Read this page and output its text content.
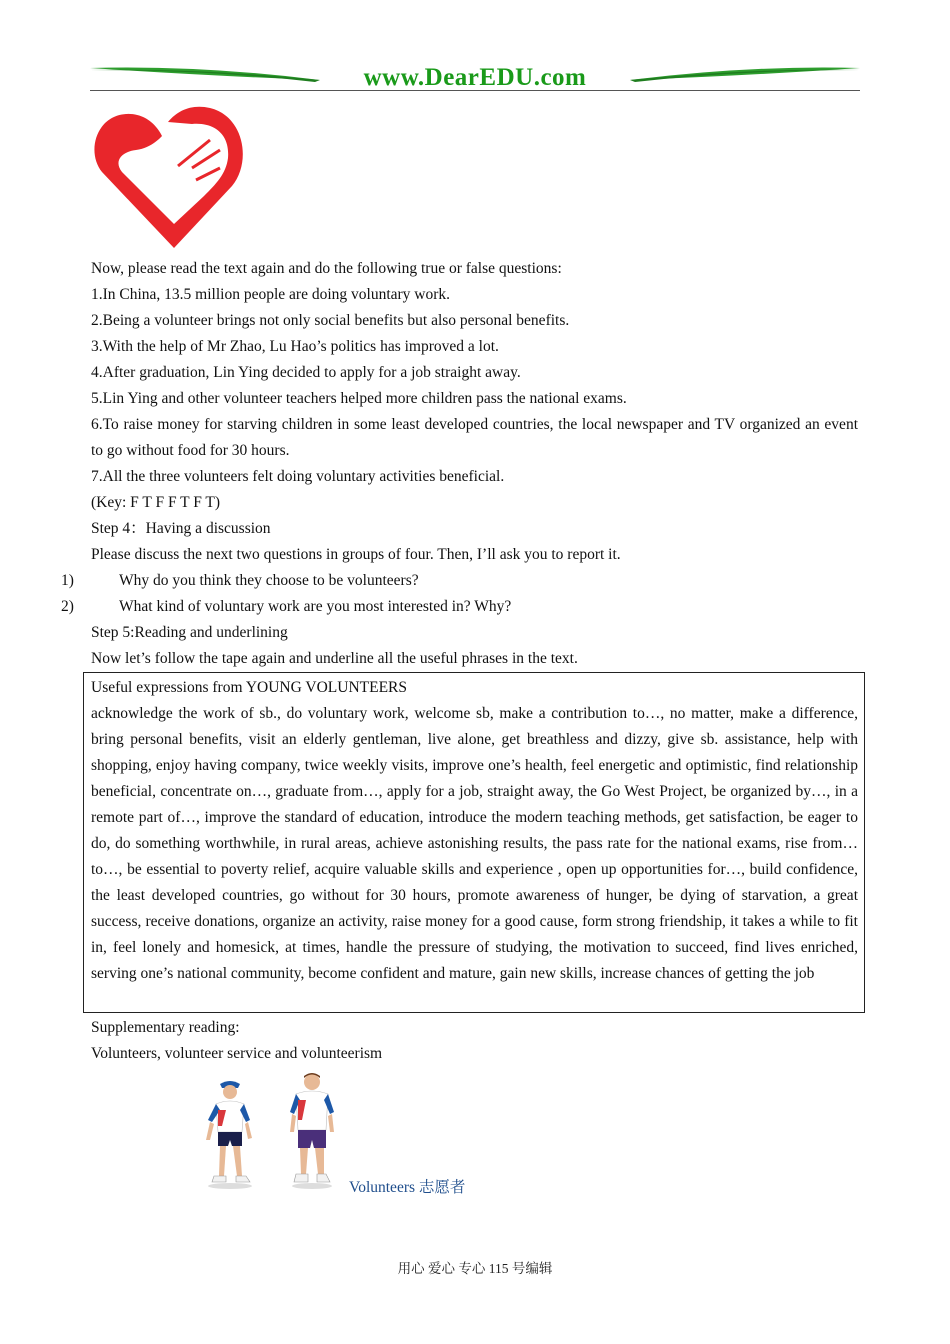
www.DearEDU.com
Now, please read the text again and do the following true or false questions:
1.In China, 13.5 million people are doing voluntary work.
2.Being a volunteer brings not only social benefits but also personal benefits.
3.With the help of Mr Zhao, Lu Hao’s politics has improved a lot.
4.After graduation, Lin Ying decided to apply for a job straight away.
5.Lin Ying and other volunteer teachers helped more children pass the national exams.
6.To raise money for starving children in some least developed countries, the local newspaper and TV organized an event to go without food for 30 hours.
7.All the three volunteers felt doing voluntary activities beneficial.
(Key: F T F F T F T)
Step 4：Having a discussion
Please discuss the next two questions in groups of four. Then, I’ll ask you to report it.
1)	Why do you think they choose to be volunteers?
2)	What kind of voluntary work are you most interested in? Why?
Step 5:Reading and underlining
Now let’s follow the tape again and underline all the useful phrases in the text.
Useful expressions from YOUNG VOLUNTEERS
acknowledge the work of sb., do voluntary work, welcome sb, make a contribution to…, no matter, make a difference, bring personal benefits, visit an elderly gentleman, live alone, get breathless and dizzy, give sb. assistance, help with shopping, enjoy having company, twice weekly visits, improve one’s health, feel energetic and optimistic, find relationship beneficial, concentrate on…, graduate from…, apply for a job, straight away, the Go West Project, be organized by…, in a remote part of…, improve the standard of education, introduce the modern teaching methods, get satisfaction, be eager to do, do something worthwhile, in rural areas, achieve astonishing results, the pass rate for the national exams, rise from… to…, be essential to poverty relief, acquire valuable skills and experience , open up opportunities for…, build confidence, the least developed countries, go without for 30 hours, promote awareness of hunger, be dying of starvation, a great success, receive donations, organize an activity, raise money for a good cause, form strong friendship, it takes a while to fit in, feel lonely and homesick, at times, handle the pressure of studying, the motivation to succeed, find lives enriched, serving one’s national community, become confident and mature, gain new skills, increase chances of getting the job
Supplementary reading:
Volunteers, volunteer service and volunteerism
Volunteers 志愿者
用心 爱心 专心 115 号编辑
